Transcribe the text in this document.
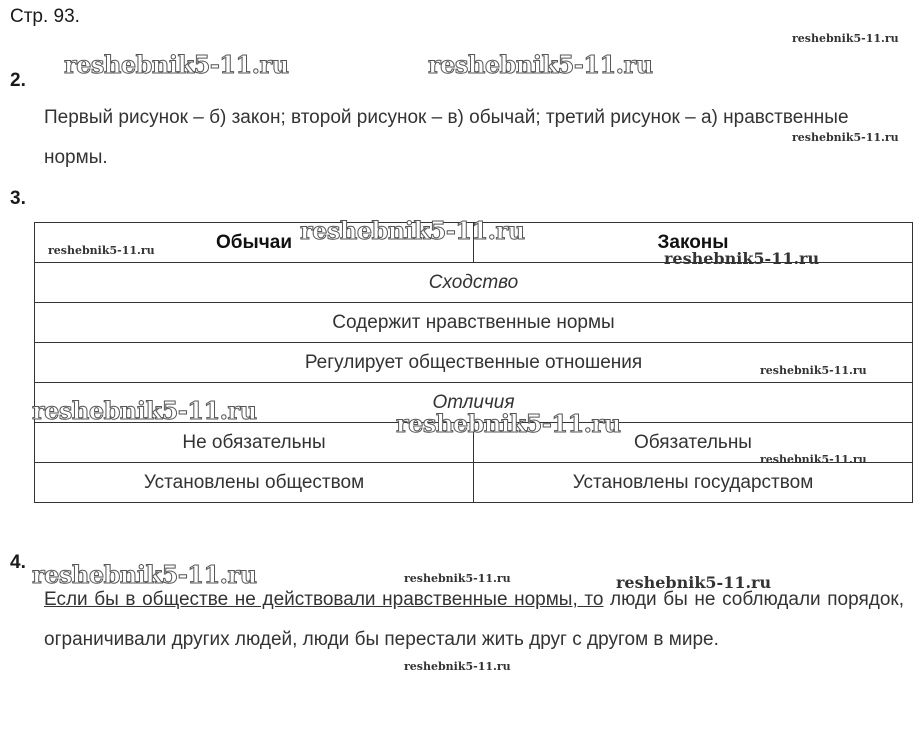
Стр. 93.
reshebnik5-11.ru
reshebnik5-11.ru	reshebnik5-11.ru
reshebnik5-11.ru
2.
Первый рисунок – б) закон; второй рисунок – в) обычай; третий рисунок – а) нравственные нормы.
3.
Обычаи	Законы
Сходство	
Содержит нравственные нормы	
Регулирует общественные отношения	
Отличия	
Не обязательны	Обязательны
Установлены обществом	Установлены государством
reshebnik5-11.ru
reshebnik5-11.ru
reshebnik5-11.ru
reshebnik5-11.ru
reshebnik5-11.ru	reshebnik5-11.ru
reshebnik5-11.ru
4. reshebnik5-11.ru	reshebnik5-11.ru	reshebnik5-11.ru
Если бы в обществе не действовали нравственные нормы, то люди бы не соблюдали порядок, ограничивали других людей, люди бы перестали жить друг с другом в мире.
reshebnik5-11.ru
